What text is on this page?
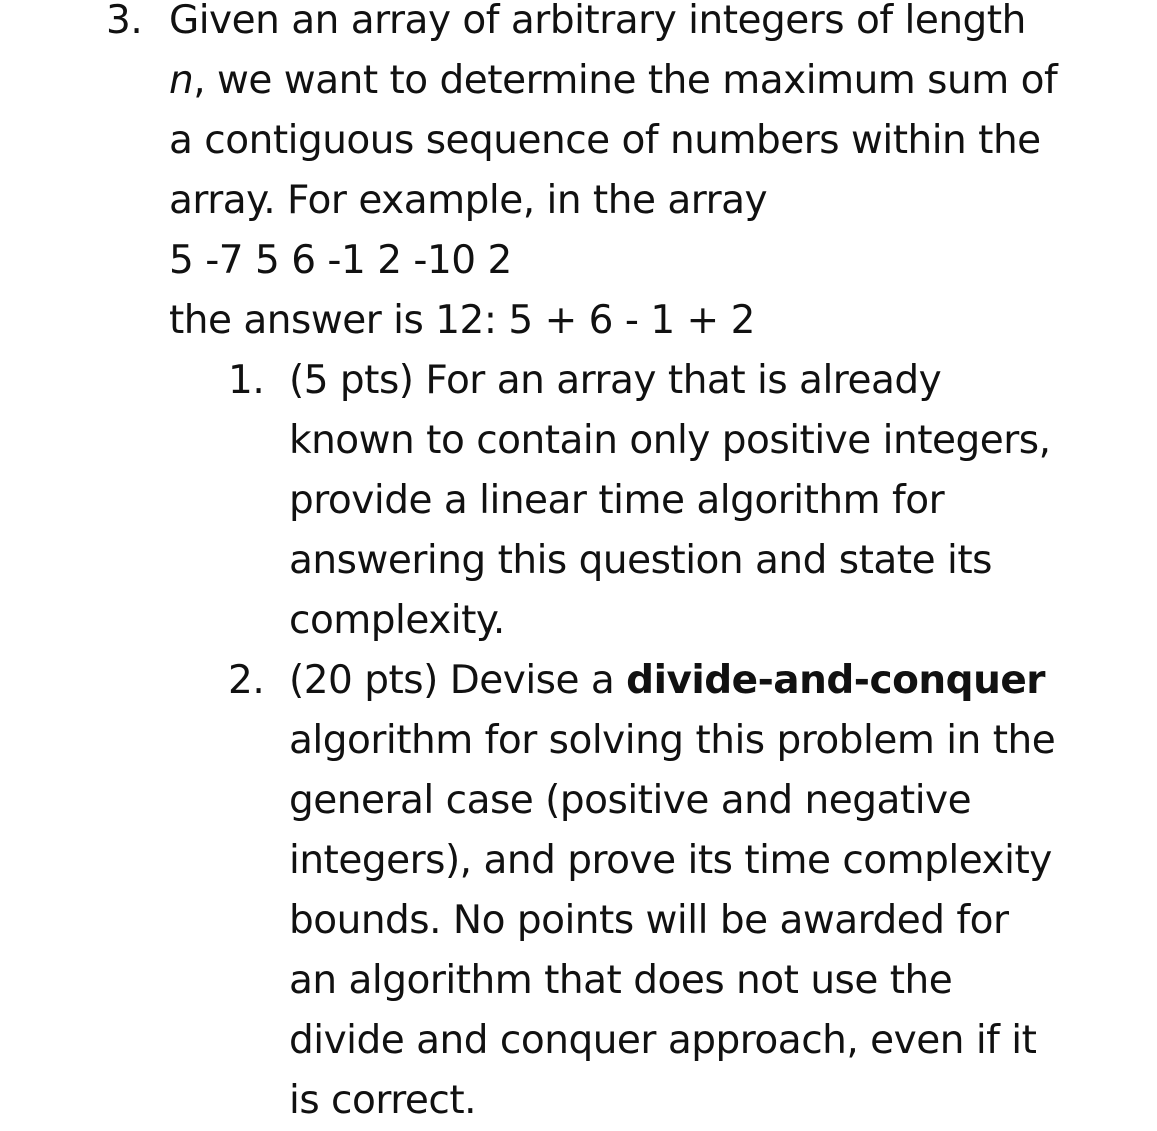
3. Given an array of arbitrary integers of length
n, we want to determine the maximum sum of
a contiguous sequence of numbers within the
array. For example, in the array
5 -7 5 6 -1 2 -10 2
the answer is 12: 5 + 6 - 1 + 2
1. (5 pts) For an array that is already
known to contain only positive integers,
provide a linear time algorithm for
answering this question and state its
complexity.
2. (20 pts) Devise a divide-and-conquer
algorithm for solving this problem in the
general case (positive and negative
integers), and prove its time complexity
bounds. No points will be awarded for
an algorithm that does not use the
divide and conquer approach, even if it
is correct.
